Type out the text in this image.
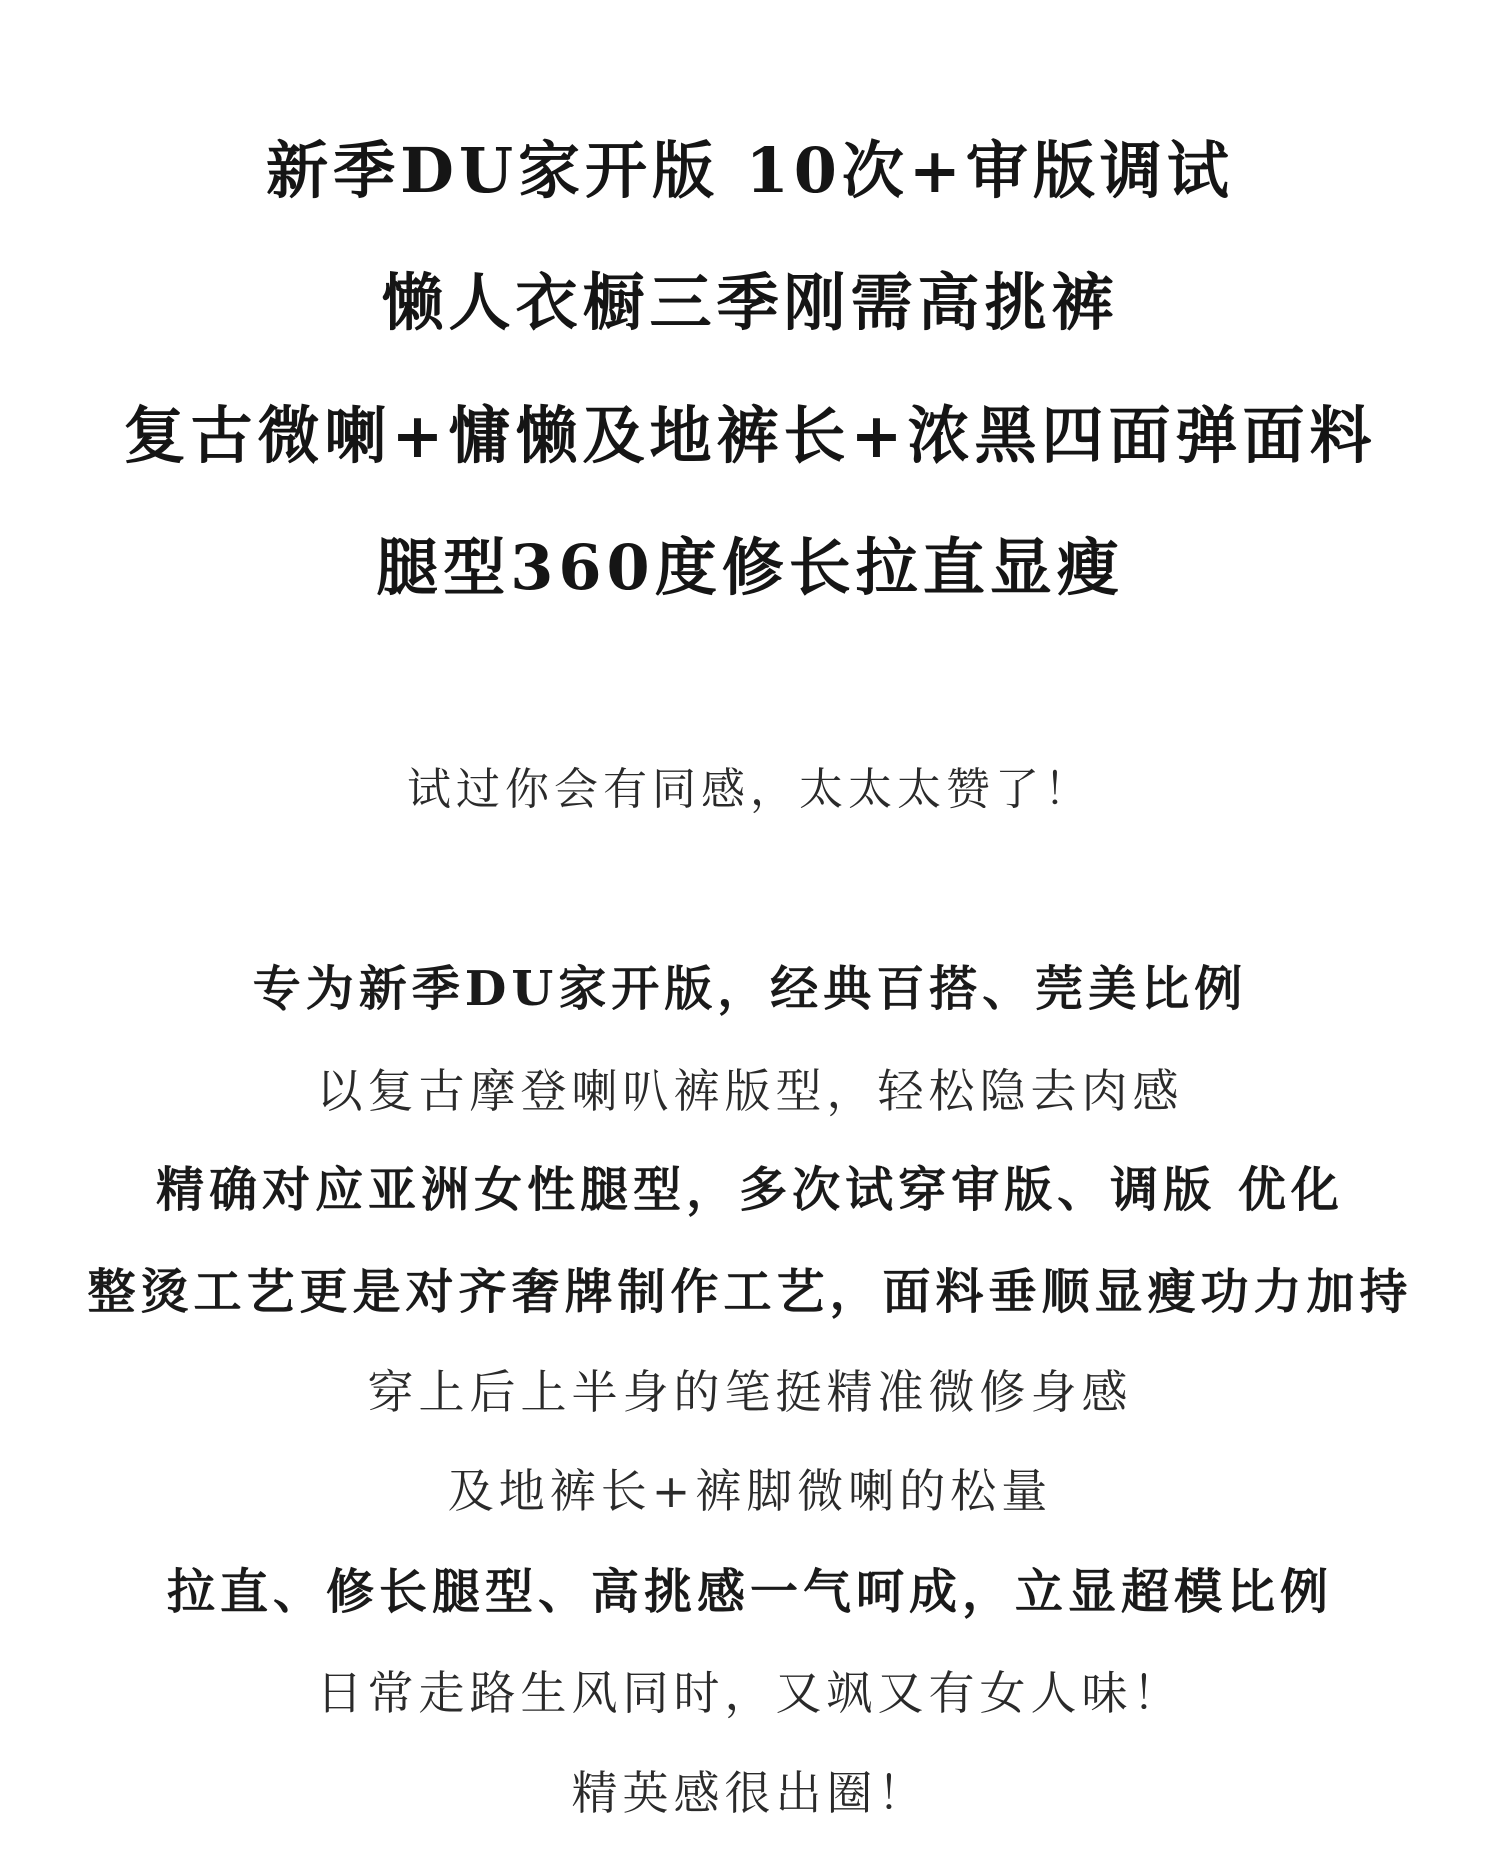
新季DU家开版 10次+审版调试
懒人衣橱三季刚需高挑裤
复古微喇+慵懒及地裤长+浓黑四面弹面料
腿型360度修长拉直显瘦

试过你会有同感，太太太赞了！

专为新季DU家开版，经典百搭、莞美比例

以复古摩登喇叭裤版型，轻松隐去肉感

精确对应亚洲女性腿型，多次试穿审版、调版 优化

整烫工艺更是对齐奢牌制作工艺，面料垂顺显瘦功力加持

穿上后上半身的笔挺精准微修身感

及地裤长+裤脚微喇的松量

拉直、修长腿型、高挑感一气呵成，立显超模比例

日常走路生风同时，又飒又有女人味！

精英感很出圈！
